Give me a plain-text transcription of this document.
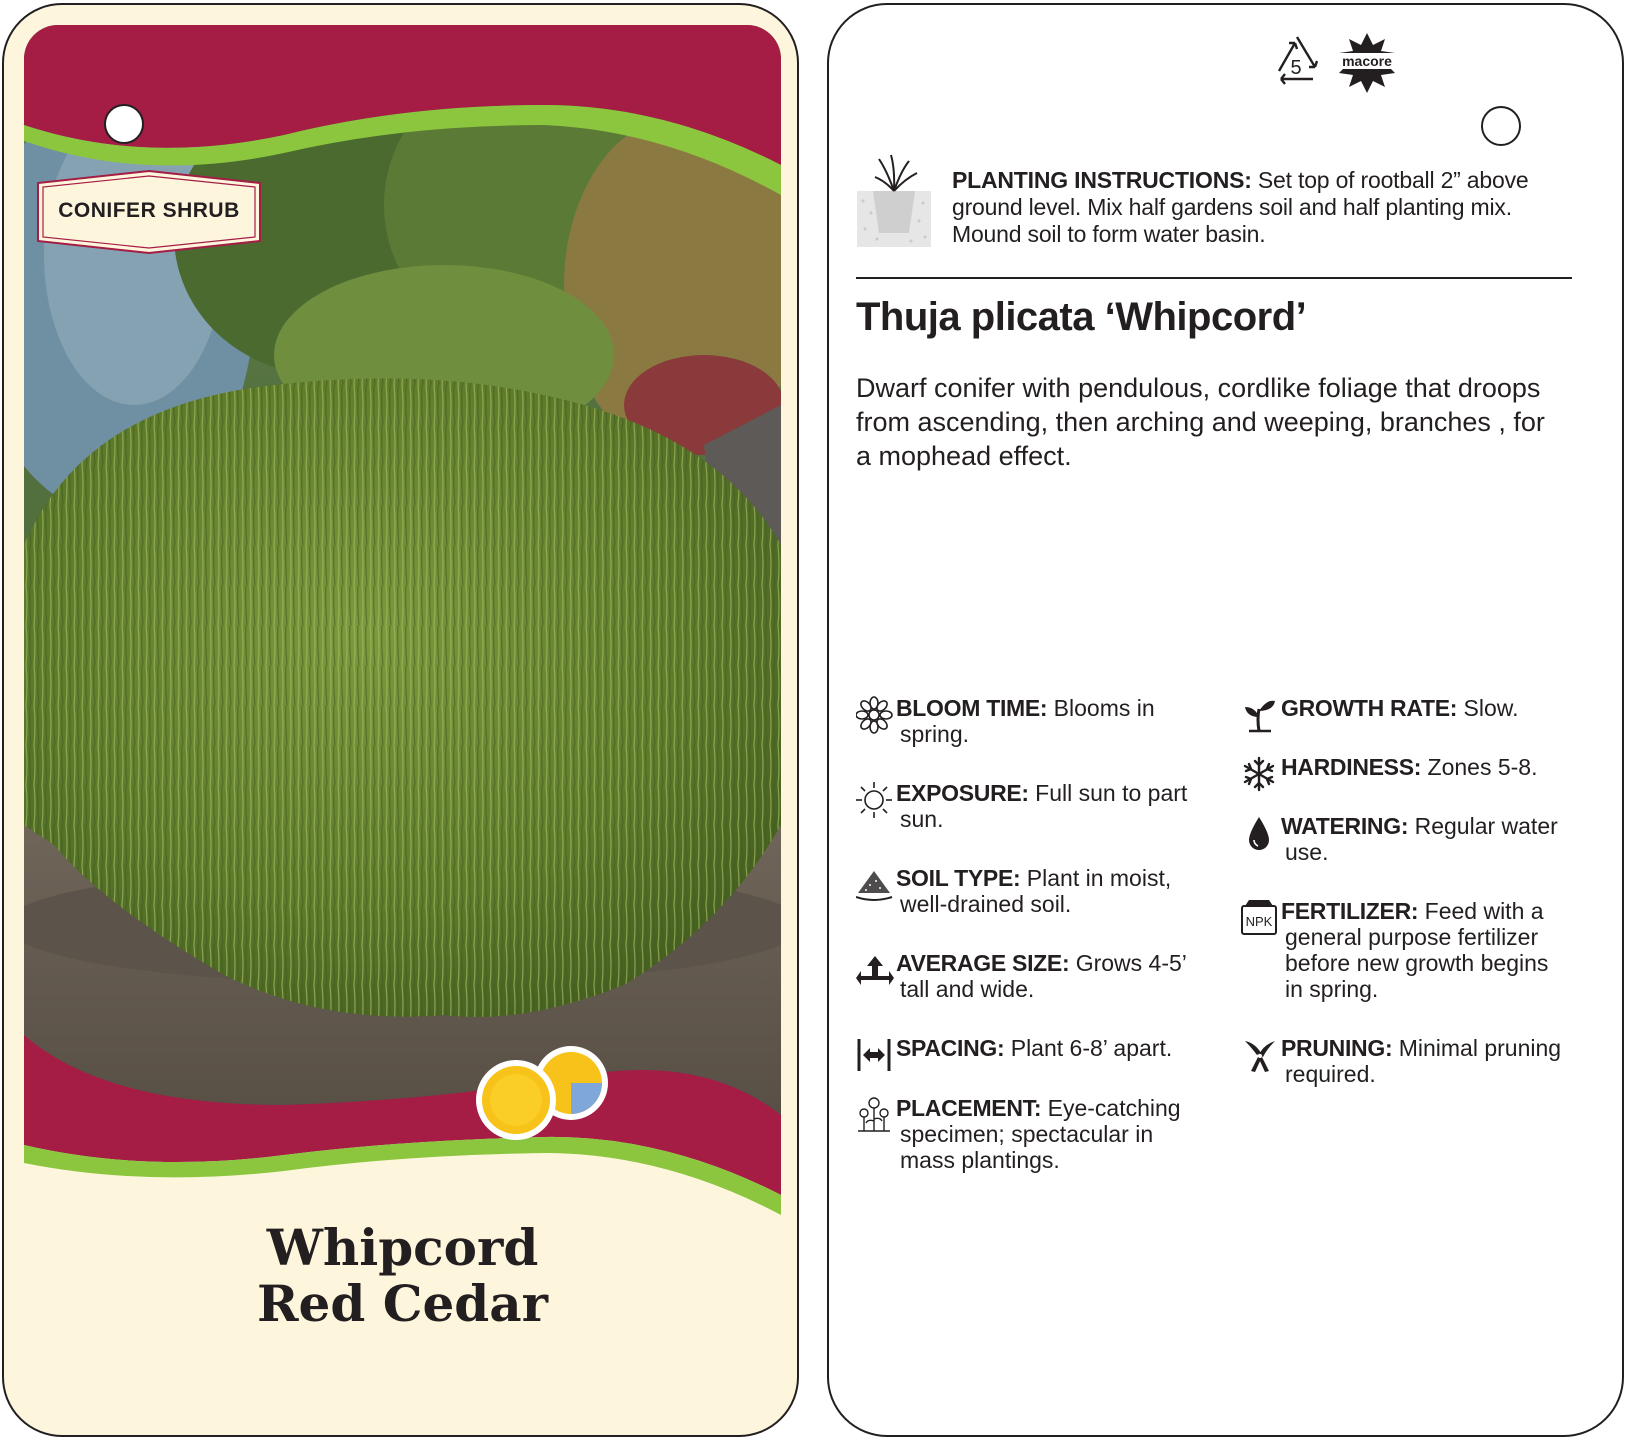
CONIFER SHRUB
Whipcord
Red Cedar
5	macore
PLANTING INSTRUCTIONS: Set top of rootball 2” above
ground level. Mix half gardens soil and half planting mix.
Mound soil to form water basin.
Thuja plicata ‘Whipcord’
Dwarf conifer with pendulous, cordlike foliage that droops
from ascending, then arching and weeping, branches , for
a mophead effect.
BLOOM TIME: Blooms in
spring.
EXPOSURE: Full sun to part
sun.
SOIL TYPE: Plant in moist,
well-drained soil.
AVERAGE SIZE: Grows 4-5’
tall and wide.
SPACING: Plant 6-8’ apart.
PLACEMENT: Eye-catching
specimen; spectacular in
mass plantings.
GROWTH RATE: Slow.
HARDINESS: Zones 5-8.
WATERING: Regular water
use.
NPK FERTILIZER: Feed with a
general purpose fertilizer
before new growth begins
in spring.
PRUNING: Minimal pruning
required.
